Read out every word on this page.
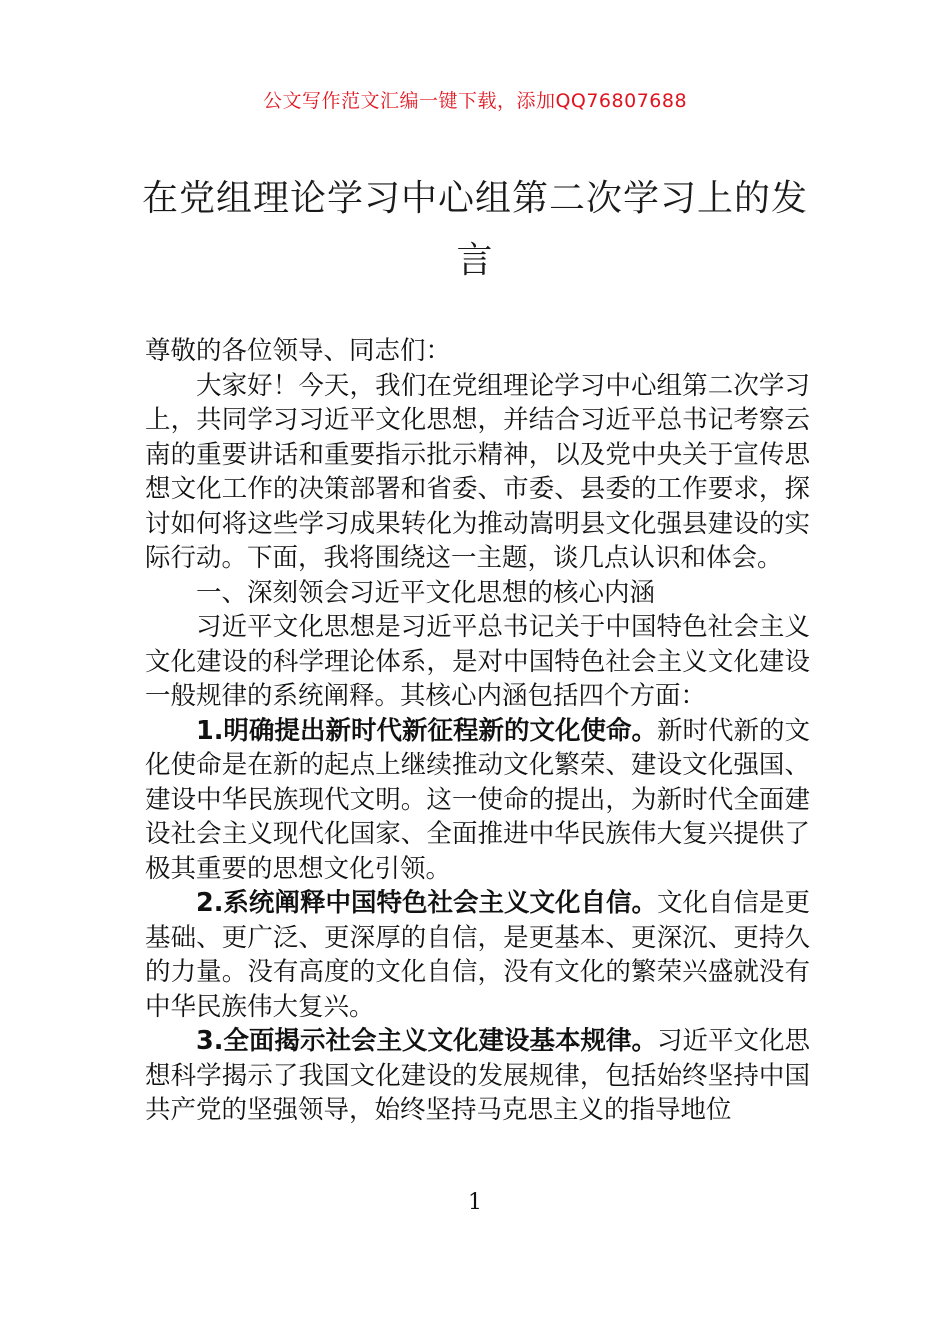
公文写作范文汇编一键下载，添加QQ76807688
在党组理论学习中心组第二次学习上的发言

尊敬的各位领导、同志们：

大家好！今天，我们在党组理论学习中心组第二次学习上，共同学习习近平文化思想，并结合习近平总书记考察云南的重要讲话和重要指示批示精神，以及党中央关于宣传思想文化工作的决策部署和省委、市委、县委的工作要求，探讨如何将这些学习成果转化为推动嵩明县文化强县建设的实际行动。下面，我将围绕这一主题，谈几点认识和体会。

一、深刻领会习近平文化思想的核心内涵

习近平文化思想是习近平总书记关于中国特色社会主义文化建设的科学理论体系，是对中国特色社会主义文化建设一般规律的系统阐释。其核心内涵包括四个方面：

1.明确提出新时代新征程新的文化使命。新时代新的文化使命是在新的起点上继续推动文化繁荣、建设文化强国、建设中华民族现代文明。这一使命的提出，为新时代全面建设社会主义现代化国家、全面推进中华民族伟大复兴提供了极其重要的思想文化引领。

2.系统阐释中国特色社会主义文化自信。文化自信是更基础、更广泛、更深厚的自信，是更基本、更深沉、更持久的力量。没有高度的文化自信，没有文化的繁荣兴盛就没有中华民族伟大复兴。

3.全面揭示社会主义文化建设基本规律。习近平文化思想科学揭示了我国文化建设的发展规律，包括始终坚持中国共产党的坚强领导，始终坚持马克思主义的指导地位

1
